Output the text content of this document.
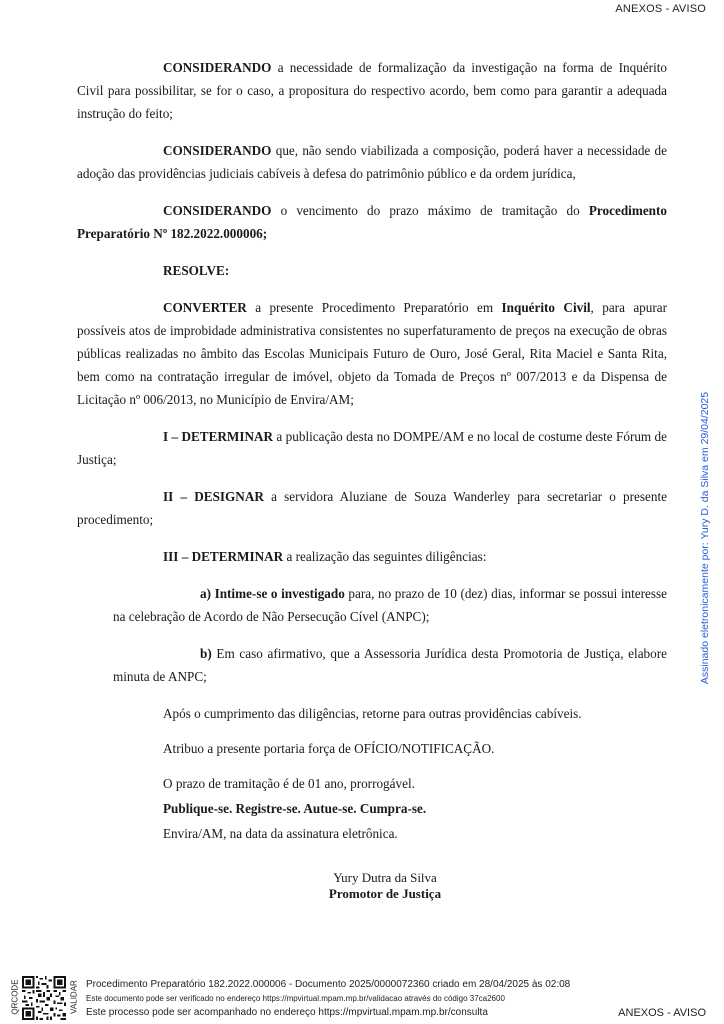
ANEXOS - AVISO

CONSIDERANDO a necessidade de formalização da investigação na forma de Inquérito Civil para possibilitar, se for o caso, a propositura do respectivo acordo, bem como para garantir a adequada instrução do feito;

CONSIDERANDO que, não sendo viabilizada a composição, poderá haver a necessidade de adoção das providências judiciais cabíveis à defesa do patrimônio público e da ordem jurídica,

CONSIDERANDO o vencimento do prazo máximo de tramitação do Procedimento Preparatório Nº 182.2022.000006;

RESOLVE:

CONVERTER a presente Procedimento Preparatório em Inquérito Civil, para apurar possíveis atos de improbidade administrativa consistentes no superfaturamento de preços na execução de obras públicas realizadas no âmbito das Escolas Municipais Futuro de Ouro, José Geral, Rita Maciel e Santa Rita, bem como na contratação irregular de imóvel, objeto da Tomada de Preços nº 007/2013 e da Dispensa de Licitação nº 006/2013, no Município de Envira/AM;

I – DETERMINAR a publicação desta no DOMPE/AM e no local de costume deste Fórum de Justiça;

II – DESIGNAR a servidora Aluziane de Souza Wanderley para secretariar o presente procedimento;

III – DETERMINAR a realização das seguintes diligências:

a) Intime-se o investigado para, no prazo de 10 (dez) dias, informar se possui interesse na celebração de Acordo de Não Persecução Cível (ANPC);

b) Em caso afirmativo, que a Assessoria Jurídica desta Promotoria de Justiça, elabore minuta de ANPC;

Após o cumprimento das diligências, retorne para outras providências cabíveis.
Atribuo a presente portaria força de OFÍCIO/NOTIFICAÇÃO.
O prazo de tramitação é de 01 ano, prorrogável.
Publique-se. Registre-se. Autue-se. Cumpra-se.
Envira/AM, na data da assinatura eletrônica.
Yury Dutra da Silva
Promotor de Justiça
Assinado eletronicamente por: Yury D. da Silva em 29/04/2025
QRCODE	VALIDAR Procedimento Preparatório 182.2022.000006 - Documento 2025/0000072360 criado em 28/04/2025 às 02:08
Este documento pode ser verificado no endereço https://mpvirtual.mpam.mp.br/validacao através do código 37ca2600
Este processo pode ser acompanhado no endereço https://mpvirtual.mpam.mp.br/consulta	ANEXOS - AVISO
